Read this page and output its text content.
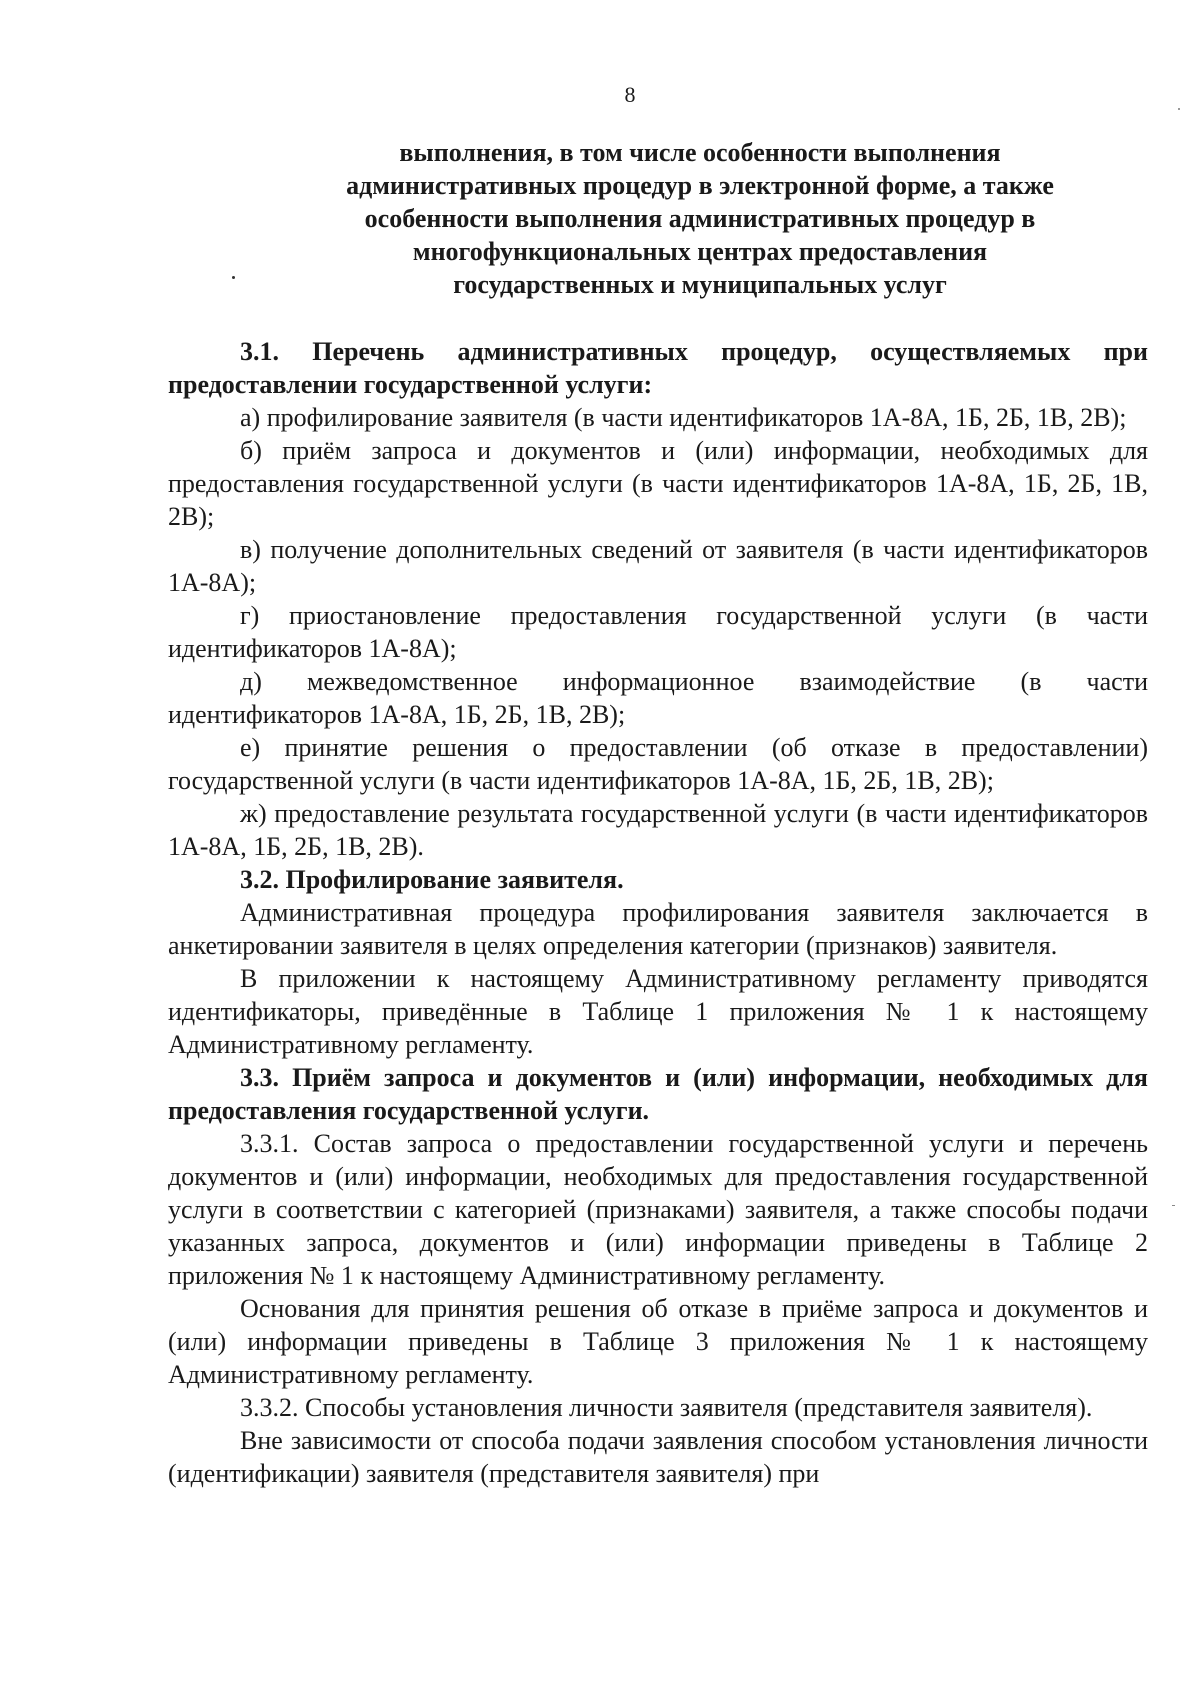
8
выполнения, в том числе особенности выполнения
административных процедур в электронной форме, а также
особенности выполнения административных процедур в
многофункциональных центрах предоставления
государственных и муниципальных услуг

3.1. Перечень административных процедур, осуществляемых при предоставлении государственной услуги:

а) профилирование заявителя (в части идентификаторов 1А-8А, 1Б, 2Б, 1В, 2В);

б) приём запроса и документов и (или) информации, необходимых для предоставления государственной услуги (в части идентификаторов 1А-8А, 1Б, 2Б, 1В, 2В);

в) получение дополнительных сведений от заявителя (в части идентификаторов 1А-8А);

г) приостановление предоставления государственной услуги (в части идентификаторов 1А-8А);

д) межведомственное информационное взаимодействие (в части идентификаторов 1А-8А, 1Б, 2Б, 1В, 2В);

е) принятие решения о предоставлении (об отказе в предоставлении) государственной услуги (в части идентификаторов 1А-8А, 1Б, 2Б, 1В, 2В);

ж) предоставление результата государственной услуги (в части идентификаторов 1А-8А, 1Б, 2Б, 1В, 2В).

3.2. Профилирование заявителя.

Административная процедура профилирования заявителя заключается в анкетировании заявителя в целях определения категории (признаков) заявителя.

В приложении к настоящему Административному регламенту приводятся идентификаторы, приведённые в Таблице 1 приложения № 1 к настоящему Административному регламенту.

3.3. Приём запроса и документов и (или) информации, необходимых для предоставления государственной услуги.

3.3.1. Состав запроса о предоставлении государственной услуги и перечень документов и (или) информации, необходимых для предоставления государственной услуги в соответствии с категорией (признаками) заявителя, а также способы подачи указанных запроса, документов и (или) информации приведены в Таблице 2 приложения № 1 к настоящему Административному регламенту.

Основания для принятия решения об отказе в приёме запроса и документов и (или) информации приведены в Таблице 3 приложения № 1 к настоящему Административному регламенту.

3.3.2. Способы установления личности заявителя (представителя заявителя).

Вне зависимости от способа подачи заявления способом установления личности (идентификации) заявителя (представителя заявителя) при
